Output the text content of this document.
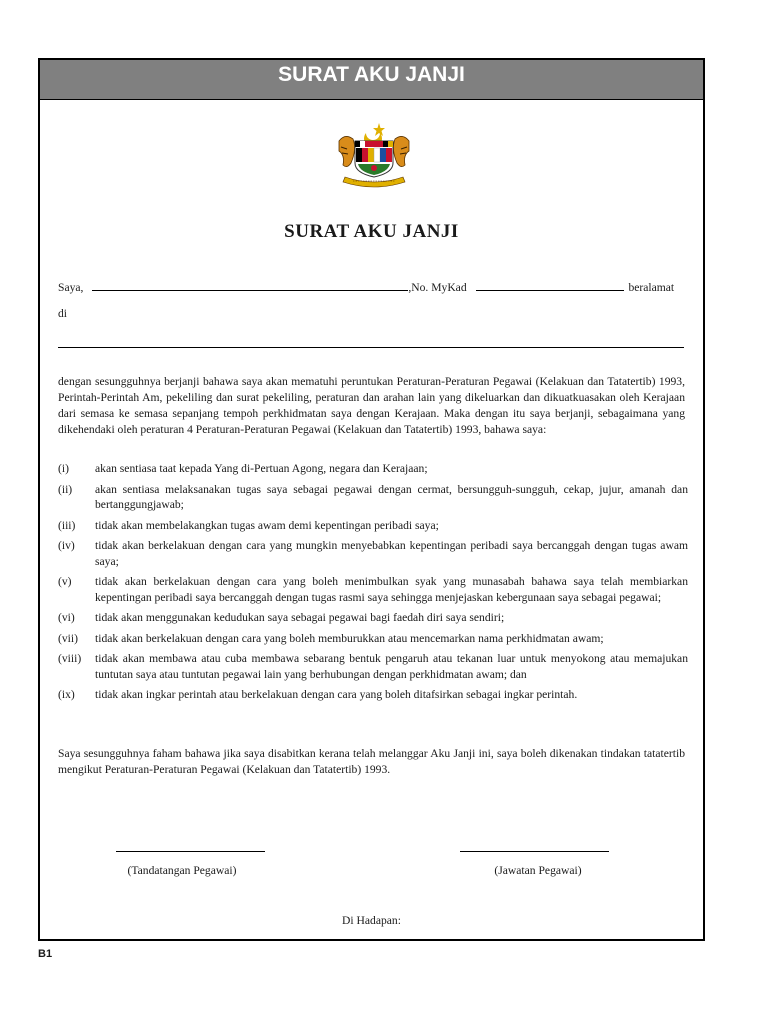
SURAT AKU JANJI
SURAT AKU JANJI
Saya,	,No. MyKad	beralamat
di
dengan sesungguhnya berjanji bahawa saya akan mematuhi peruntukan Peraturan-Peraturan Pegawai (Kelakuan dan Tatatertib) 1993, Perintah-Perintah Am, pekeliling dan surat pekeliling, peraturan dan arahan lain yang dikeluarkan dan dikuatkuasakan oleh Kerajaan dari semasa ke semasa sepanjang tempoh perkhidmatan saya dengan Kerajaan. Maka dengan itu saya berjanji, sebagaimana yang dikehendaki oleh peraturan 4 Peraturan-Peraturan Pegawai (Kelakuan dan Tatatertib) 1993, bahawa saya:
(i)	akan sentiasa taat kepada Yang di-Pertuan Agong, negara dan Kerajaan;
(ii)	akan sentiasa melaksanakan tugas saya sebagai pegawai dengan cermat, bersungguh-sungguh, cekap, jujur, amanah dan bertanggungjawab;
(iii)	tidak akan membelakangkan tugas awam demi kepentingan peribadi saya;
(iv)	tidak akan berkelakuan dengan cara yang mungkin menyebabkan kepentingan peribadi saya bercanggah dengan tugas awam saya;
(v)	tidak akan berkelakuan dengan cara yang boleh menimbulkan syak yang munasabah bahawa saya telah membiarkan kepentingan peribadi saya bercanggah dengan tugas rasmi saya sehingga menjejaskan kebergunaan saya sebagai pegawai;
(vi)	tidak akan menggunakan kedudukan saya sebagai pegawai bagi faedah diri saya sendiri;
(vii)	tidak akan berkelakuan dengan cara yang boleh memburukkan atau mencemarkan nama perkhidmatan awam;
(viii)	tidak akan membawa atau cuba membawa sebarang bentuk pengaruh atau tekanan luar untuk menyokong atau memajukan tuntutan saya atau tuntutan pegawai lain yang berhubungan dengan perkhidmatan awam; dan
(ix)	tidak akan ingkar perintah atau berkelakuan dengan cara yang boleh ditafsirkan sebagai ingkar perintah.
Saya sesungguhnya faham bahawa jika saya disabitkan kerana telah melanggar Aku Janji ini, saya boleh dikenakan tindakan tatatertib mengikut Peraturan-Peraturan Pegawai (Kelakuan dan Tatatertib) 1993.
(Tandatangan Pegawai)	(Jawatan Pegawai)
Di Hadapan:
B1
